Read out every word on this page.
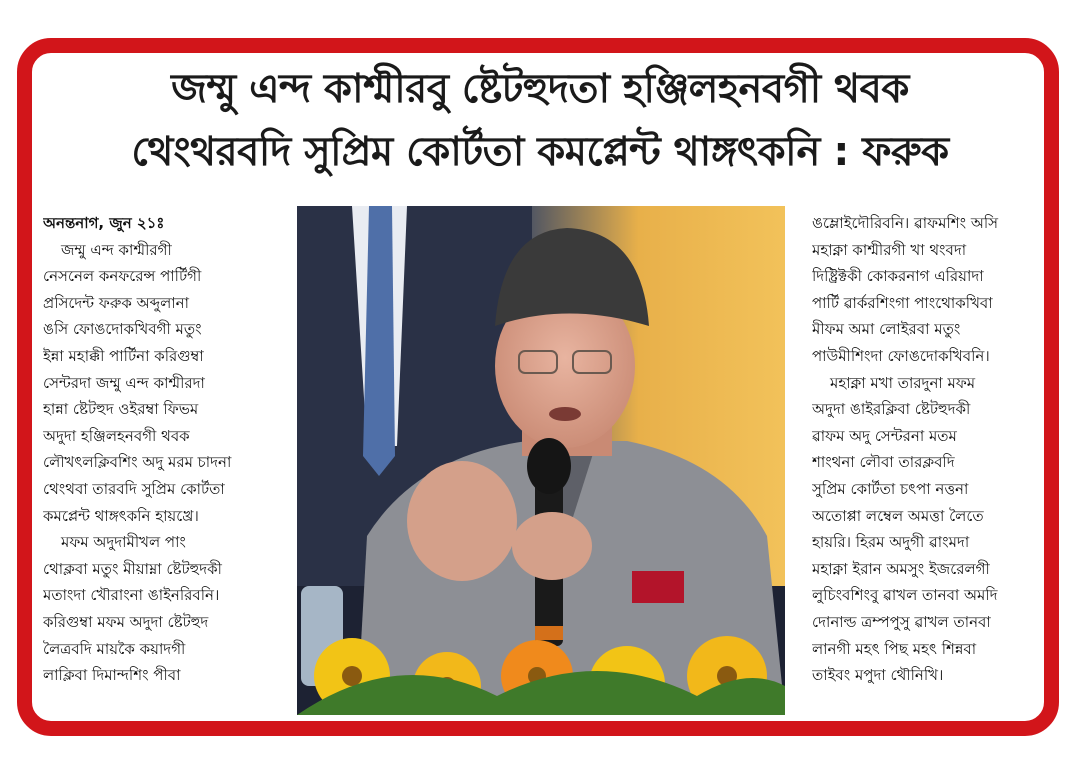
জম্মু এন্দ কাশ্মীরবু ষ্টেটহুদতা হঞ্জিলহনবগী থবক
থেংথরবদি সুপ্রিম কোর্টতা কমপ্লেন্ট থাঙ্গৎকনি : ফরুক

অনন্তনাগ, জুন ২১ঃ

জম্মু এন্দ কাশ্মীরগী

নেসনেল কনফরেন্স পার্টিগী

প্রসিদেন্ট ফরুক অব্দুলানা

ঙসি ফোঙদোকখিবগী মতুং

ইন্না মহাক্কী পার্টিনা করিগুম্বা

সেন্টরদা জম্মু এন্দ কাশ্মীরদা

হান্না ষ্টেটহুদ ওইরম্বা ফিভম

অদুদা হঞ্জিলহনবগী থবক

লৌখৎলক্লিবশিং অদু মরম চাদনা

থেংথবা তারবদি সুপ্রিম কোর্টতা

কমপ্লেন্ট থাঙ্গৎকনি হায়খ্রে।

মফম অদুদামীখল পাং

থোক্লবা মতুং মীয়াম্না ষ্টেটহুদকী

মতাংদা খৌরাংনা ঙাইনরিবনি।

করিগুম্বা মফম অদুদা ষ্টেটহুদ

লৈত্রবদি মায়কৈ কয়াদগী

লাক্লিবা দিমান্দশিং পীবা

ঙম্লোইদৌরিবনি। ৱাফমশিং অসি

মহাক্না কাশ্মীরগী খা থংবদা

দিষ্ট্রিক্টকী কোকরনাগ এরিয়াদা

পার্টি ৱার্করশিংগা পাংথোকখিবা

মীফম অমা লোইরবা মতুং

পাউমীশিংদা ফোঙদোকখিবনি।

মহাক্না মখা তারদুনা মফম

অদুদা ঙাইরক্লিবা ষ্টেটহুদকী

ৱাফম অদু সেন্টরনা মতম

শাংথনা লৌবা তারক্লবদি

সুপ্রিম কোর্টতা চৎপা নত্তনা

অতোপ্পা লম্বেল অমত্তা লৈতে

হায়রি। হিরম অদুগী ৱাংমদা

মহাক্না ইরান অমসুং ইজরেলগী

লুচিংবশিংবু ৱাখল তানবা অমদি

দোনাল্ড ত্রম্পপুসু ৱাখল তানবা

লানগী মহৎ পিছ মহৎ শিন্নবা

তাইবং মপুদা থৌনিখি।
